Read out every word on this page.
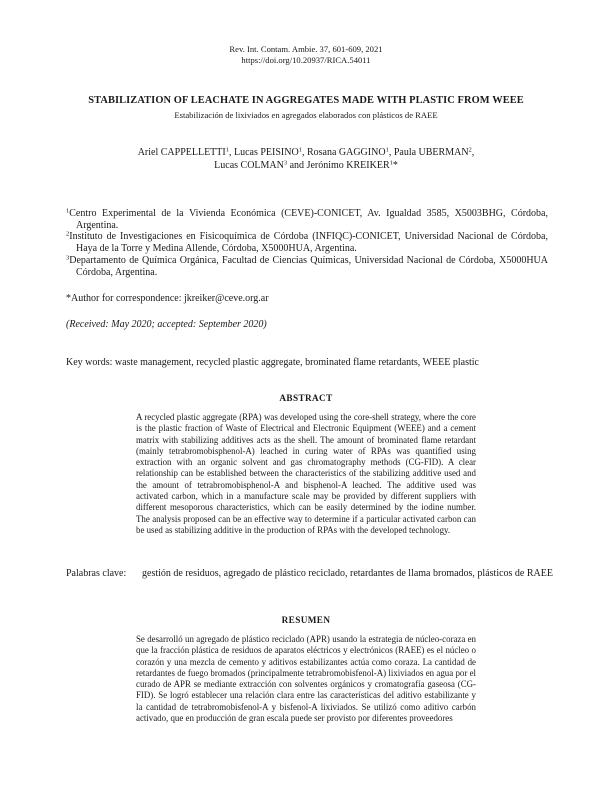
Rev. Int. Contam. Ambie. 37, 601-609, 2021
https://doi.org/10.20937/RICA.54011
STABILIZATION OF LEACHATE IN AGGREGATES MADE WITH PLASTIC FROM WEEE
Estabilización de lixiviados en agregados elaborados con plásticos de RAEE
Ariel CAPPELLETTI$^1$, Lucas PEISINO$^1$, Rosana GAGGINO$^1$, Paula UBERMAN$^2$,
Lucas COLMAN$^3$ and Jerónimo KREIKER$^1$*

$^1$Centro Experimental de la Vivienda Económica (CEVE)-CONICET, Av. Igualdad 3585, X5003BHG, Córdoba, Argentina.

$^2$Instituto de Investigaciones en Fisicoquímica de Córdoba (INFIQC)-CONICET, Universidad Nacional de Córdoba, Haya de la Torre y Medina Allende, Córdoba, X5000HUA, Argentina.

$^3$Departamento de Química Orgánica, Facultad de Ciencias Químicas, Universidad Nacional de Córdoba, X5000HUA Córdoba, Argentina.

*Author for correspondence: jkreiker@ceve.org.ar
(Received: May 2020; accepted: September 2020)
Key words: waste management, recycled plastic aggregate, brominated flame retardants, WEEE plastic
ABSTRACT
A recycled plastic aggregate (RPA) was developed using the core-shell strategy, where the core is the plastic fraction of Waste of Electrical and Electronic Equipment (WEEE) and a cement matrix with stabilizing additives acts as the shell. The amount of brominated flame retardant (mainly tetrabromobisphenol-A) leached in curing water of RPAs was quantified using extraction with an organic solvent and gas chromatography methods (CG-FID). A clear relationship can be established between the characteristics of the stabilizing additive used and the amount of tetrabromobisphenol-A and bisphenol-A leached. The additive used was activated carbon, which in a manufacture scale may be provided by different suppliers with different mesoporous characteristics, which can be easily determined by the iodine number. The analysis proposed can be an effective way to determine if a particular activated carbon can be used as stabilizing additive in the production of RPAs with the developed technology.
Palabras clave: gestión de residuos, agregado de plástico reciclado, retardantes de llama bromados, plásticos de RAEE
RESUMEN
Se desarrolló un agregado de plástico reciclado (APR) usando la estrategia de núcleo-coraza en que la fracción plástica de residuos de aparatos eléctricos y electrónicos (RAEE) es el núcleo o corazón y una mezcla de cemento y aditivos estabilizantes actúa como coraza. La cantidad de retardantes de fuego bromados (principalmente tetrabromobisfenol-A) lixiviados en agua por el curado de APR se mediante extracción con solventes orgánicos y cromatografía gaseosa (CG-FID). Se logró establecer una relación clara entre las características del aditivo estabilizante y la cantidad de tetrabromobisfenol-A y bisfenol-A lixiviados. Se utilizó como aditivo carbón activado, que en producción de gran escala puede ser provisto por diferentes proveedores
